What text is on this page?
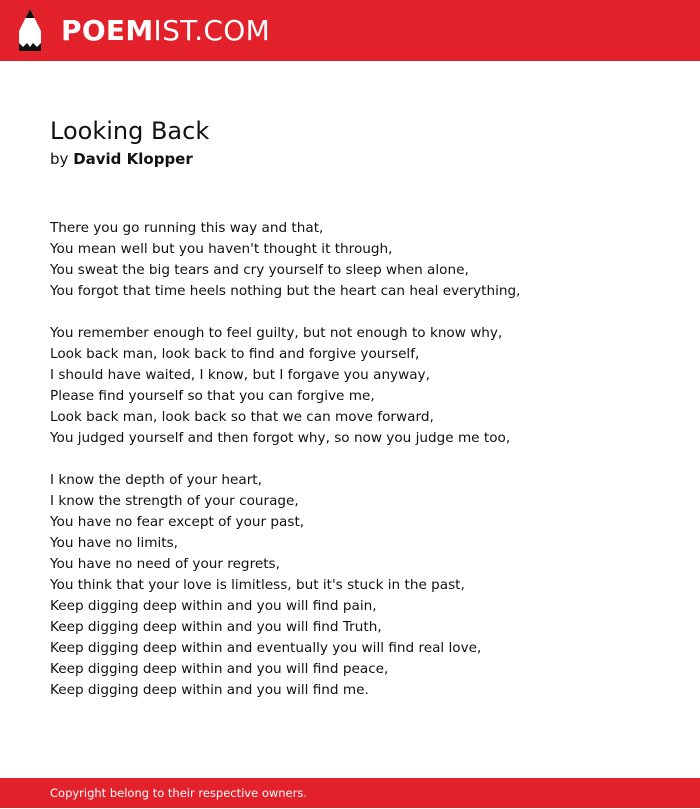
POEMIST.COM
Looking Back
by David Klopper
There you go running this way and that,
You mean well but you haven't thought it through,
You sweat the big tears and cry yourself to sleep when alone,
You forgot that time heels nothing but the heart can heal everything,
You remember enough to feel guilty, but not enough to know why,
Look back man, look back to find and forgive yourself,
I should have waited, I know, but I forgave you anyway,
Please find yourself so that you can forgive me,
Look back man, look back so that we can move forward,
You judged yourself and then forgot why, so now you judge me too,
I know the depth of your heart,
I know the strength of your courage,
You have no fear except of your past,
You have no limits,
You have no need of your regrets,
You think that your love is limitless, but it's stuck in the past,
Keep digging deep within and you will find pain,
Keep digging deep within and you will find Truth,
Keep digging deep within and eventually you will find real love,
Keep digging deep within and you will find peace,
Keep digging deep within and you will find me.
Copyright belong to their respective owners.
